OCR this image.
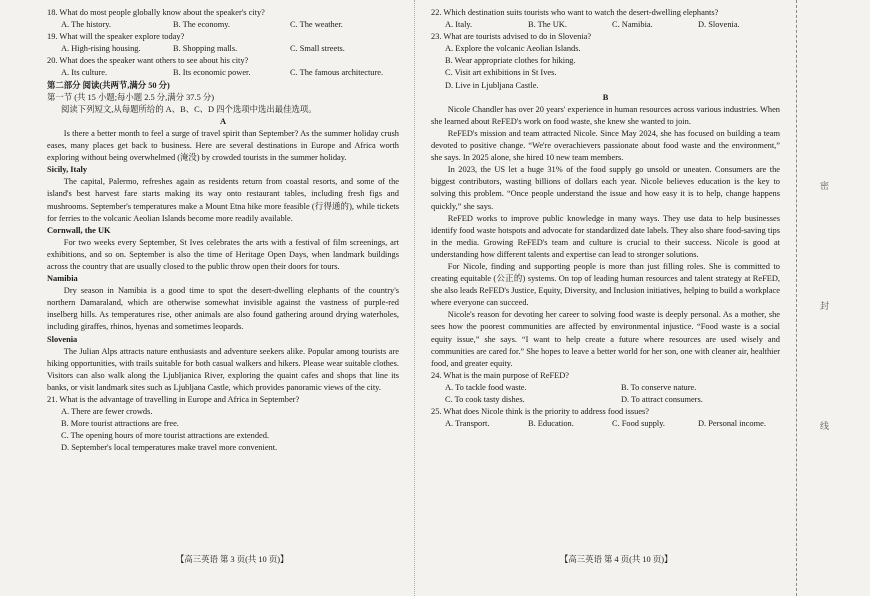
18. What do most people globally know about the speaker's city?
A. The history.	B. The economy.	C. The weather.
19. What will the speaker explore today?
A. High-rising housing.	B. Shopping malls.	C. Small streets.
20. What does the speaker want others to see about his city?
A. Its culture.	B. Its economic power.	C. The famous architecture.
第二部分 阅读(共两节,满分 50 分)
第一节 (共 15 小题;每小题 2.5 分,满分 37.5 分)
阅读下列短文,从每题所给的 A、B、C、D 四个选项中选出最佳选项。
A
Is there a better month to feel a surge of travel spirit than September? As the summer holiday crush eases, many places get back to business. Here are several destinations in Europe and Africa worth exploring without being overwhelmed (淹没) by crowded tourists in the summer holiday.
Sicily, Italy
The capital, Palermo, refreshes again as residents return from coastal resorts, and some of the island's best harvest fare starts making its way onto restaurant tables, including fresh figs and mushrooms. September's temperatures make a Mount Etna hike more feasible (行得通的), while tickets for ferries to the volcanic Aeolian Islands become more readily available.
Cornwall, the UK
For two weeks every September, St Ives celebrates the arts with a festival of film screenings, art exhibitions, and so on. September is also the time of Heritage Open Days, when landmark buildings across the country that are usually closed to the public throw open their doors for tours.
Namibia
Dry season in Namibia is a good time to spot the desert-dwelling elephants of the country's northern Damaraland, which are otherwise somewhat invisible against the vastness of purple-red inselberg hills. As temperatures rise, other animals are also found gathering around drying waterholes, including giraffes, rhinos, hyenas and sometimes leopards.
Slovenia
The Julian Alps attracts nature enthusiasts and adventure seekers alike. Popular among tourists are hiking opportunities, with trails suitable for both casual walkers and hikers. Please wear suitable clothes. Visitors can also walk along the Ljubljanica River, exploring the quaint cafes and shops that line its banks, or visit landmark sites such as Ljubljana Castle, which provides panoramic views of the city.
21. What is the advantage of travelling in Europe and Africa in September?
A. There are fewer crowds.
B. More tourist attractions are free.
C. The opening hours of more tourist attractions are extended.
D. September's local temperatures make travel more convenient.
22. Which destination suits tourists who want to watch the desert-dwelling elephants?
A. Italy.	B. The UK.	C. Namibia.	D. Slovenia.
23. What are tourists advised to do in Slovenia?
A. Explore the volcanic Aeolian Islands.
B. Wear appropriate clothes for hiking.
C. Visit art exhibitions in St Ives.
D. Live in Ljubljana Castle.
B
Nicole Chandler has over 20 years' experience in human resources across various industries. When she learned about ReFED's work on food waste, she knew she wanted to join.
ReFED's mission and team attracted Nicole. Since May 2024, she has focused on building a team devoted to positive change. “We're overachievers passionate about food waste and the environment,” she says. In 2025 alone, she hired 10 new team members.
In 2023, the US let a huge 31% of the food supply go unsold or uneaten. Consumers are the biggest contributors, wasting billions of dollars each year. Nicole believes education is the key to solving this problem. “Once people understand the issue and how easy it is to help, change happens quickly,” she says.
ReFED works to improve public knowledge in many ways. They use data to help businesses identify food waste hotspots and advocate for standardized date labels. They also share food-saving tips in the media. Growing ReFED's team and culture is crucial to their success. Nicole is good at understanding how different talents and expertise can lead to stronger solutions.
For Nicole, finding and supporting people is more than just filling roles. She is committed to creating equitable (公正的) systems. On top of leading human resources and talent strategy at ReFED, she also leads ReFED's Justice, Equity, Diversity, and Inclusion initiatives, helping to build a workplace where everyone can succeed.
Nicole's reason for devoting her career to solving food waste is deeply personal. As a mother, she sees how the poorest communities are affected by environmental injustice. “Food waste is a social equity issue,” she says. “I want to help create a future where resources are used wisely and communities are cared for.” She hopes to leave a better world for her son, one with cleaner air, healthier food, and greater equity.
24. What is the main purpose of ReFED?
A. To tackle food waste.	B. To conserve nature.
C. To cook tasty dishes.	D. To attract consumers.
25. What does Nicole think is the priority to address food issues?
A. Transport.	B. Education.	C. Food supply.	D. Personal income.
密
封
线
【高三英语 第 3 页(共 10 页)】	【高三英语 第 4 页(共 10 页)】
